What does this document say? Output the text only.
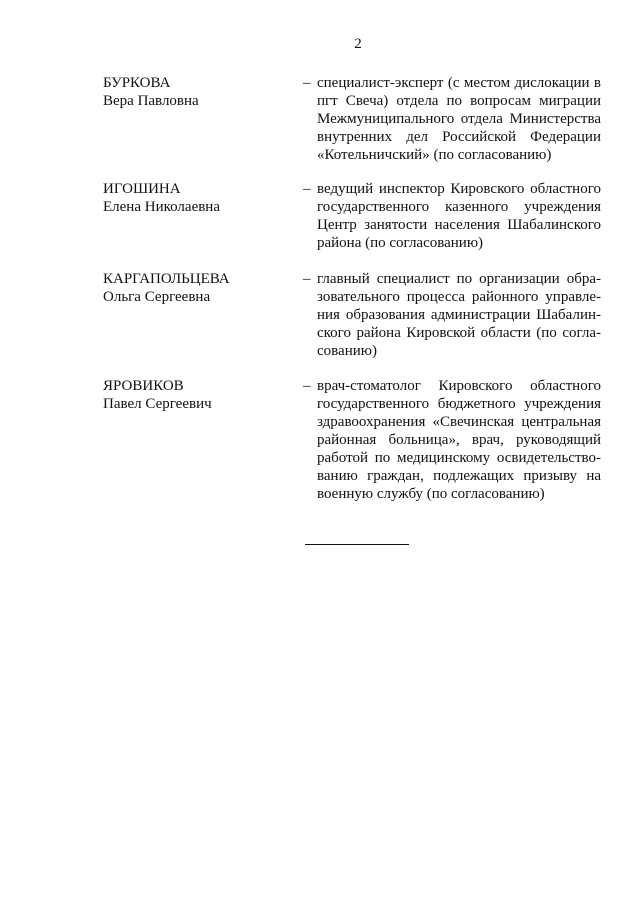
2
БУРКОВА
Вера Павловна
– специалист-эксперт (с местом дислокации в
пгт Свеча) отдела по вопросам миграции
Межмуниципального отдела Министерства
внутренних дел Российской Федерации
«Котельничский» (по согласованию)
ИГОШИНА
Елена Николаевна
– ведущий инспектор Кировского областного
государственного казенного учреждения
Центр занятости населения Шабалинского
района (по согласованию)
КАРГАПОЛЬЦЕВА
Ольга Сергеевна
– главный специалист по организации обра-
зовательного процесса районного управле-
ния образования администрации Шабалин-
ского района Кировской области (по согла-
сованию)
ЯРОВИКОВ
Павел Сергеевич
– врач-стоматолог Кировского областного
государственного бюджетного учреждения
здравоохранения «Свечинская центральная
районная больница», врач, руководящий
работой по медицинскому освидетельство-
ванию граждан, подлежащих призыву на
военную службу (по согласованию)
